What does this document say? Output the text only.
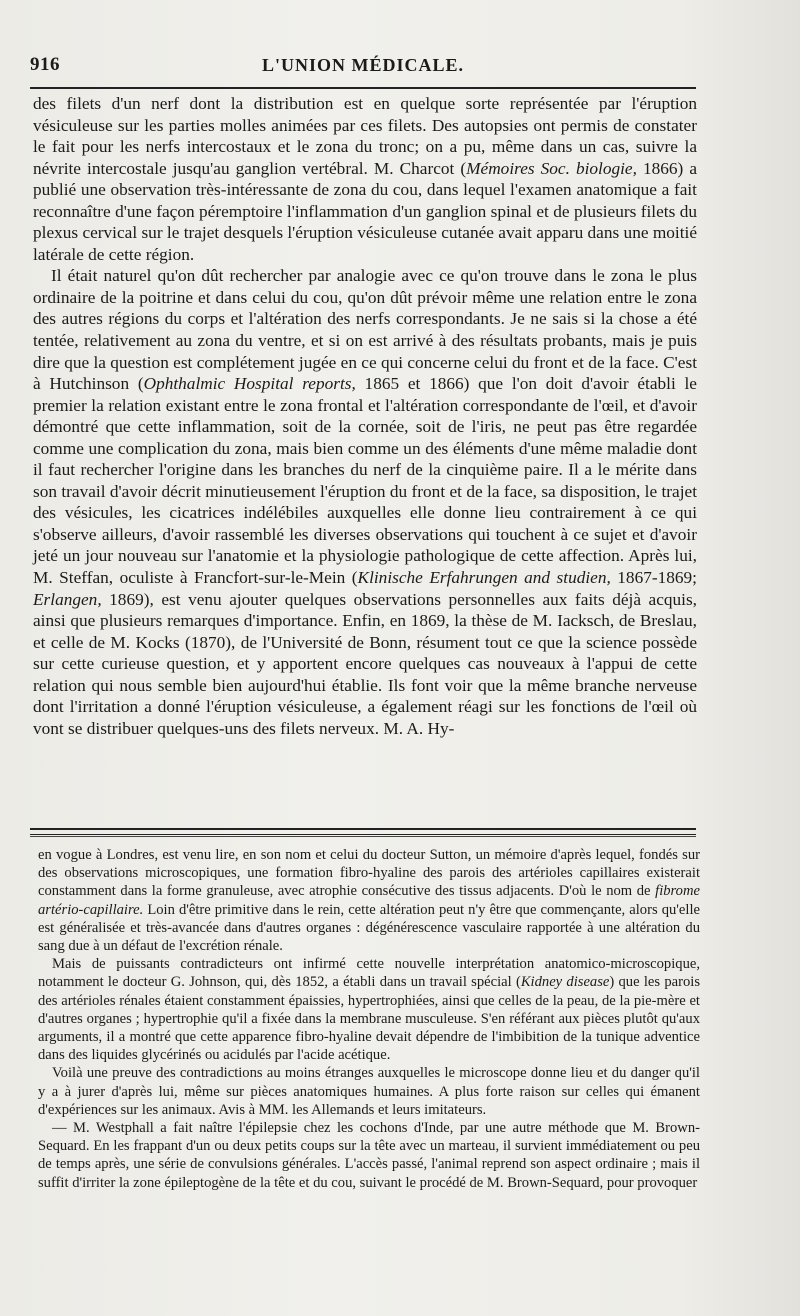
916	L'UNION MÉDICALE.

des filets d'un nerf dont la distribution est en quelque sorte représentée par l'éruption vésiculeuse sur les parties molles animées par ces filets. Des autopsies ont permis de constater le fait pour les nerfs intercostaux et le zona du tronc; on a pu, même dans un cas, suivre la névrite intercostale jusqu'au ganglion vertébral. M. Charcot (Mémoires Soc. biologie, 1866) a publié une observation très-intéressante de zona du cou, dans lequel l'examen anatomique a fait reconnaître d'une façon péremptoire l'inflammation d'un ganglion spinal et de plusieurs filets du plexus cervical sur le trajet desquels l'éruption vésiculeuse cutanée avait apparu dans une moitié latérale de cette région.

Il était naturel qu'on dût rechercher par analogie avec ce qu'on trouve dans le zona le plus ordinaire de la poitrine et dans celui du cou, qu'on dût prévoir même une relation entre le zona des autres régions du corps et l'altération des nerfs correspondants. Je ne sais si la chose a été tentée, relativement au zona du ventre, et si on est arrivé à des résultats probants, mais je puis dire que la question est complétement jugée en ce qui concerne celui du front et de la face. C'est à Hutchinson (Ophthalmic Hospital reports, 1865 et 1866) que l'on doit d'avoir établi le premier la relation existant entre le zona frontal et l'altération correspondante de l'œil, et d'avoir démontré que cette inflammation, soit de la cornée, soit de l'iris, ne peut pas être regardée comme une complication du zona, mais bien comme un des éléments d'une même maladie dont il faut rechercher l'origine dans les branches du nerf de la cinquième paire. Il a le mérite dans son travail d'avoir décrit minutieusement l'éruption du front et de la face, sa disposition, le trajet des vésicules, les cicatrices indélébiles auxquelles elle donne lieu contrairement à ce qui s'observe ailleurs, d'avoir rassemblé les diverses observations qui touchent à ce sujet et d'avoir jeté un jour nouveau sur l'anatomie et la physiologie pathologique de cette affection. Après lui, M. Steffan, oculiste à Francfort-sur-le-Mein (Klinische Erfahrungen and studien, 1867-1869; Erlangen, 1869), est venu ajouter quelques observations personnelles aux faits déjà acquis, ainsi que plusieurs remarques d'importance. Enfin, en 1869, la thèse de M. Iacksch, de Breslau, et celle de M. Kocks (1870), de l'Université de Bonn, résument tout ce que la science possède sur cette curieuse question, et y apportent encore quelques cas nouveaux à l'appui de cette relation qui nous semble bien aujourd'hui établie. Ils font voir que la même branche nerveuse dont l'irritation a donné l'éruption vésiculeuse, a également réagi sur les fonctions de l'œil où vont se distribuer quelques-uns des filets nerveux. M. A. Hy-

en vogue à Londres, est venu lire, en son nom et celui du docteur Sutton, un mémoire d'après lequel, fondés sur des observations microscopiques, une formation fibro-hyaline des parois des artérioles capillaires existerait constamment dans la forme granuleuse, avec atrophie consécutive des tissus adjacents. D'où le nom de fibrome artério-capillaire. Loin d'être primitive dans le rein, cette altération peut n'y être que commençante, alors qu'elle est généralisée et très-avancée dans d'autres organes : dégénérescence vasculaire rapportée à une altération du sang due à un défaut de l'excrétion rénale.

Mais de puissants contradicteurs ont infirmé cette nouvelle interprétation anatomico-microscopique, notamment le docteur G. Johnson, qui, dès 1852, a établi dans un travail spécial (Kidney disease) que les parois des artérioles rénales étaient constamment épaissies, hypertrophiées, ainsi que celles de la peau, de la pie-mère et d'autres organes ; hypertrophie qu'il a fixée dans la membrane musculeuse. S'en référant aux pièces plutôt qu'aux arguments, il a montré que cette apparence fibro-hyaline devait dépendre de l'imbibition de la tunique adventice dans des liquides glycérinés ou acidulés par l'acide acétique.

Voilà une preuve des contradictions au moins étranges auxquelles le microscope donne lieu et du danger qu'il y a à jurer d'après lui, même sur pièces anatomiques humaines. A plus forte raison sur celles qui émanent d'expériences sur les animaux. Avis à MM. les Allemands et leurs imitateurs.

— M. Westphall a fait naître l'épilepsie chez les cochons d'Inde, par une autre méthode que M. Brown-Sequard. En les frappant d'un ou deux petits coups sur la tête avec un marteau, il survient immédiatement ou peu de temps après, une série de convulsions générales. L'accès passé, l'animal reprend son aspect ordinaire ; mais il suffit d'irriter la zone épileptogène de la tête et du cou, suivant le procédé de M. Brown-Sequard, pour provoquer
